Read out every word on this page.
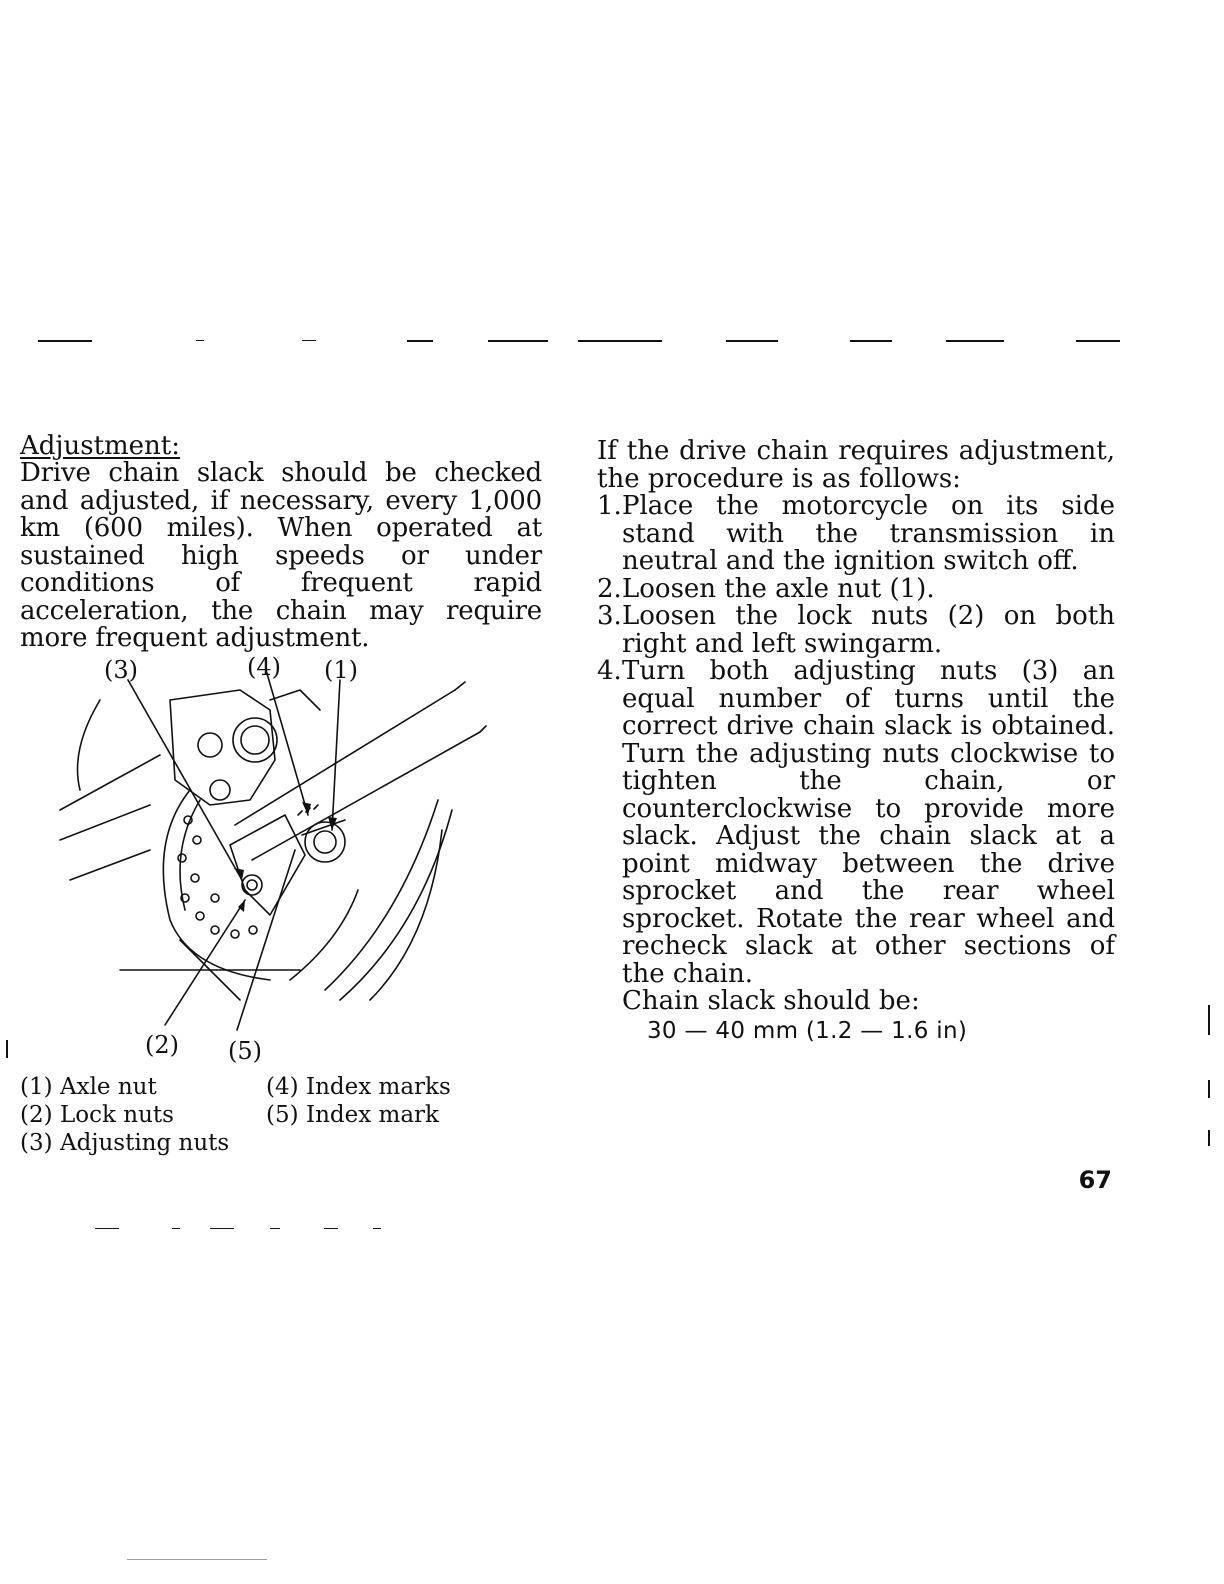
Adjustment:

Drive chain slack should be checked and adjusted, if necessary, every 1,000 km (600 miles). When operated at sustained high speeds or under conditions of frequent rapid acceleration, the chain may require more frequent adjustment.

(3)	(4) (1)
(2) (5)
(1) Axle nut
(2) Lock nuts
(3) Adjusting nuts
(4) Index marks
(5) Index mark

If the drive chain requires adjustment, the procedure is as follows:

1. Place the motorcycle on its side stand with the transmission in neutral and the ignition switch off.
2. Loosen the axle nut (1).
3. Loosen the lock nuts (2) on both right and left swingarm.
4. Turn both adjusting nuts (3) an equal number of turns until the correct drive chain slack is obtained. Turn the adjusting nuts clockwise to tighten the chain, or counterclockwise to provide more slack. Adjust the chain slack at a point midway between the drive sprocket and the rear wheel sprocket. Rotate the rear wheel and recheck slack at other sections of the chain.

Chain slack should be:

30 — 40 mm (1.2 — 1.6 in)

67
